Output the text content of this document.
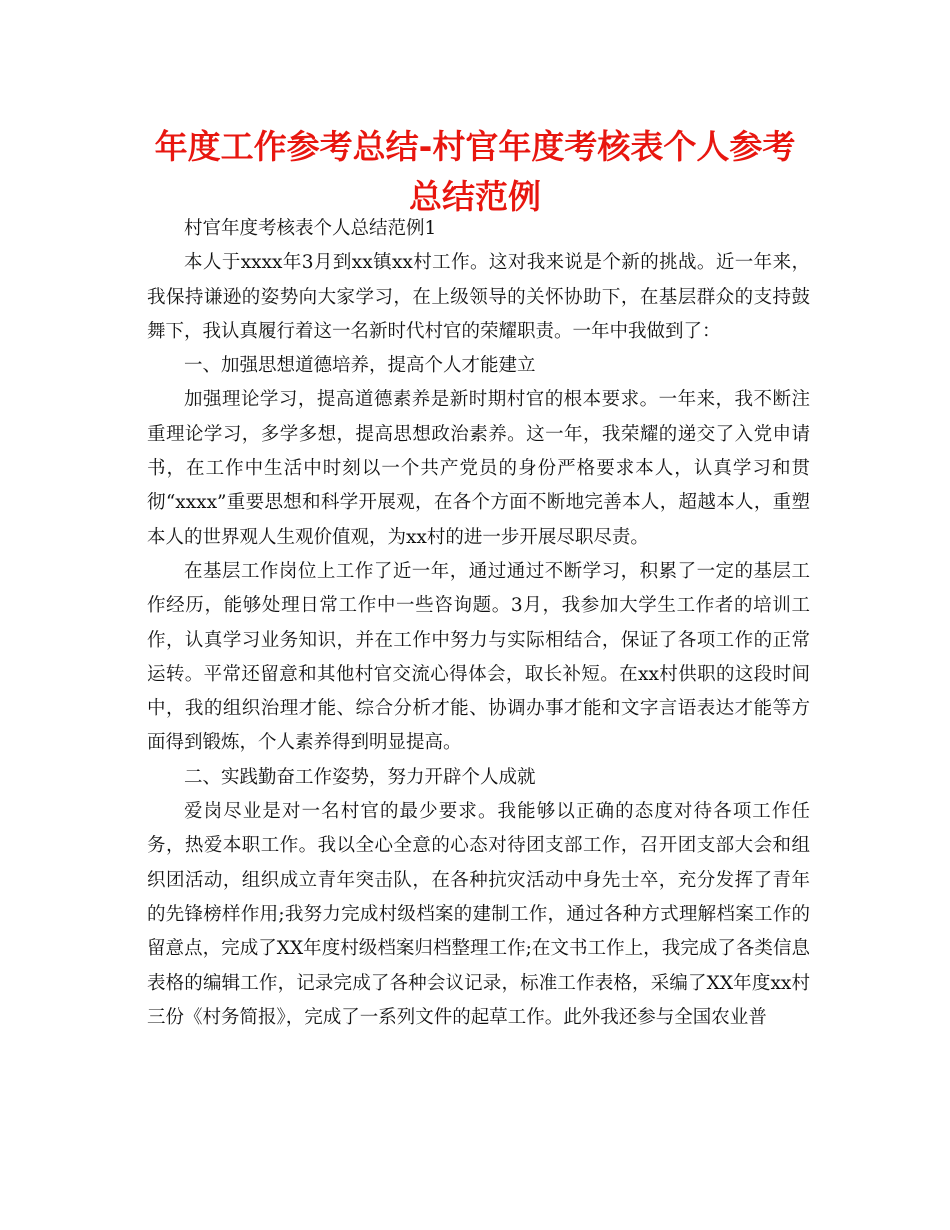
年度工作参考总结-村官年度考核表个人参考总结范例

村官年度考核表个人总结范例1

本人于xxxx年3月到xx镇xx村工作。这对我来说是个新的挑战。近一年来，我保持谦逊的姿势向大家学习，在上级领导的关怀协助下，在基层群众的支持鼓舞下，我认真履行着这一名新时代村官的荣耀职责。一年中我做到了：

一、加强思想道德培养，提高个人才能建立

加强理论学习，提高道德素养是新时期村官的根本要求。一年来，我不断注重理论学习，多学多想，提高思想政治素养。这一年，我荣耀的递交了入党申请书，在工作中生活中时刻以一个共产党员的身份严格要求本人，认真学习和贯彻“xxxx”重要思想和科学开展观，在各个方面不断地完善本人，超越本人，重塑本人的世界观人生观价值观，为xx村的进一步开展尽职尽责。

在基层工作岗位上工作了近一年，通过通过不断学习，积累了一定的基层工作经历，能够处理日常工作中一些咨询题。3月，我参加大学生工作者的培训工作，认真学习业务知识，并在工作中努力与实际相结合，保证了各项工作的正常运转。平常还留意和其他村官交流心得体会，取长补短。在xx村供职的这段时间中，我的组织治理才能、综合分析才能、协调办事才能和文字言语表达才能等方面得到锻炼，个人素养得到明显提高。

二、实践勤奋工作姿势，努力开辟个人成就

爱岗尽业是对一名村官的最少要求。我能够以正确的态度对待各项工作任务，热爱本职工作。我以全心全意的心态对待团支部工作，召开团支部大会和组织团活动，组织成立青年突击队，在各种抗灾活动中身先士卒，充分发挥了青年的先锋榜样作用;我努力完成村级档案的建制工作，通过各种方式理解档案工作的留意点，完成了XX年度村级档案归档整理工作;在文书工作上，我完成了各类信息表格的编辑工作，记录完成了各种会议记录，标准工作表格，采编了XX年度xx村三份《村务简报》，完成了一系列文件的起草工作。此外我还参与全国农业普
